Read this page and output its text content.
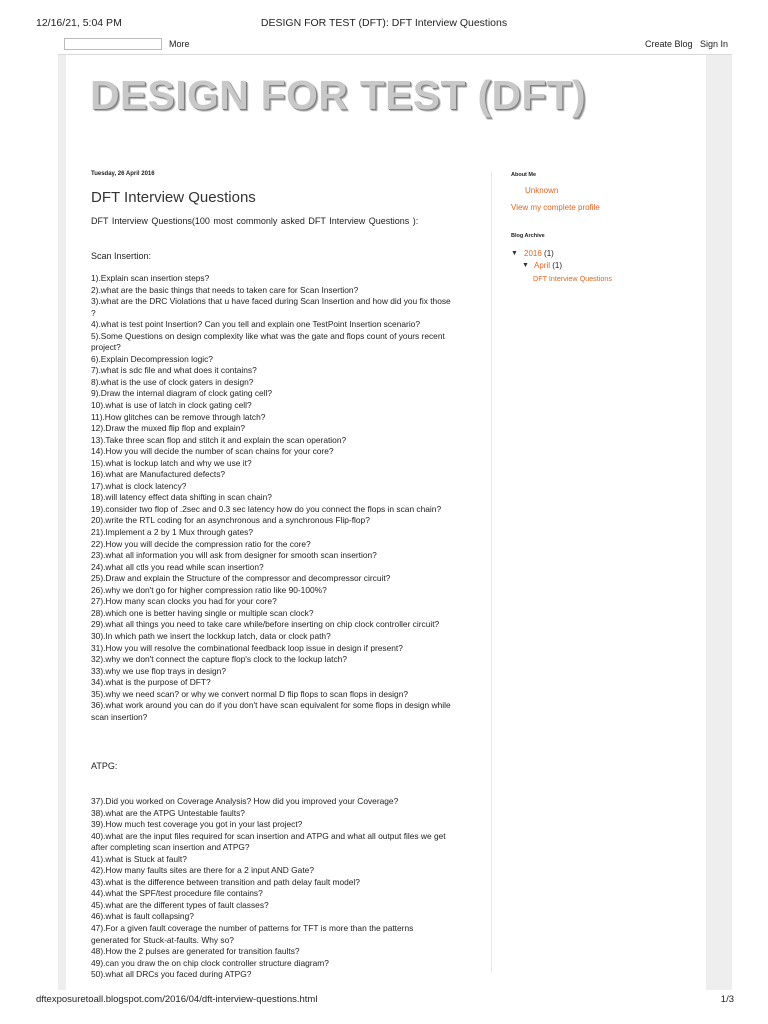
12/16/21, 5:04 PM	DESIGN FOR TEST (DFT): DFT Interview Questions
More	Create Blog Sign In
DESIGN FOR TEST (DFT)
Tuesday, 26 April 2016
DFT Interview Questions
DFT Interview Questions(100 most commonly asked DFT Interview Questions ):
Scan Insertion:
1).Explain scan insertion steps?
2).what are the basic things that needs to taken care for Scan Insertion?
3).what are the DRC Violations that u have faced during Scan Insertion and how did you fix those
?
4).what is test point Insertion? Can you tell and explain one TestPoint Insertion scenario?
5).Some Questions on design complexity like what was the gate and flops count of yours recent
project?
6).Explain Decompression logic?
7).what is sdc file and what does it contains?
8).what is the use of clock gaters in design?
9).Draw the internal diagram of clock gating cell?
10).what is use of latch in clock gating cell?
11).How glitches can be remove through latch?
12).Draw the muxed flip flop and explain?
13).Take three scan flop and stitch it and explain the scan operation?
14).How you will decide the number of scan chains for your core?
15).what is lockup latch and why we use it?
16).what are Manufactured defects?
17).what is clock latency?
18).will latency effect data shifting in scan chain?
19).consider two flop of .2sec and 0.3 sec latency how do you connect the flops in scan chain?
20).write the RTL coding for an asynchronous and a synchronous Flip-flop?
21).Implement a 2 by 1 Mux through gates?
22).How you will decide the compression ratio for the core?
23).what all information you will ask from designer for smooth scan insertion?
24).what all ctls you read while scan insertion?
25).Draw and explain the Structure of the compressor and decompressor circuit?
26).why we don't go for higher compression ratio like 90-100%?
27).How many scan clocks you had for your core?
28).which one is better having single or multiple scan clock?
29).what all things you need to take care while/before inserting on chip clock controller circuit?
30).In which path we insert the lockkup latch, data or clock path?
31).How you will resolve the combinational feedback loop issue in design if present?
32).why we don't connect the capture flop's clock to the lockup latch?
33).why we use flop trays in design?
34).what is the purpose of DFT?
35).why we need scan? or why we convert normal D flip flops to scan flops in design?
36).what work around you can do if you don't have scan equivalent for some flops in design while
scan insertion?
ATPG:
37).Did you worked on Coverage Analysis? How did you improved your Coverage?
38).what are the ATPG Untestable faults?
39).How much test coverage you got in your last project?
40).what are the input files required for scan insertion and ATPG and what all output files we get
after completing scan insertion and ATPG?
41).what is Stuck at fault?
42).How many faults sites are there for a 2 input AND Gate?
43).what is the difference between transition and path delay fault model?
44).what the SPF/test procedure file contains?
45).what are the different types of fault classes?
46).what is fault collapsing?
47).For a given fault coverage the number of patterns for TFT is more than the patterns
generated for Stuck-at-faults. Why so?
48).How the 2 pulses are generated for transition faults?
49).can you draw the on chip clock controller structure diagram?
50).what all DRCs you faced during ATPG?
About Me
Unknown
View my complete profile
Blog Archive
▼ 2016 (1)
▼ April (1)
DFT Interview Questions
dftexposuretoall.blogspot.com/2016/04/dft-interview-questions.html	1/3
